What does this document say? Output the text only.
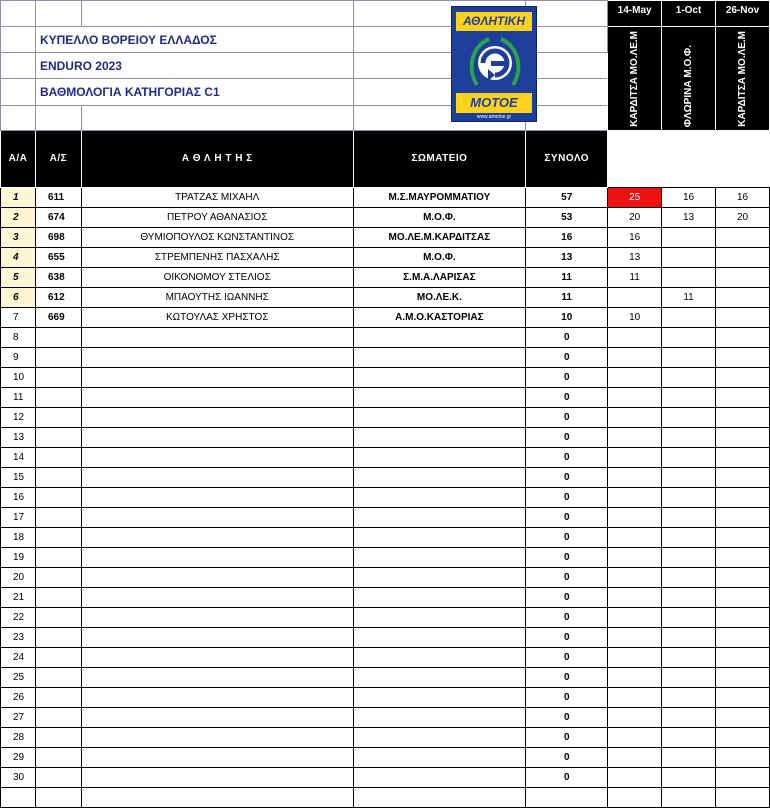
					14-May	1-Oct	26-Nov
	ΚΥΠΕΛΛΟ ΒΟΡΕΙΟΥ ΕΛΛΑΔΟΣ				ΚΑΡΔΙΤΣΑ ΜΟ.ΛΕ.Μ	ΦΛΩΡΙΝΑ Μ.Ο.Φ.	ΚΑΡΔΙΤΣΑ ΜΟ.ΛΕ.Μ
	ENDURO 2023						
	ΒΑΘΜΟΛΟΓΙΑ ΚΑΤΗΓΟΡΙΑΣ C1						

Α/Α	Α/Σ	Α Θ Λ Η Τ Η Σ	ΣΩΜΑΤΕΙΟ	ΣΥΝΟΛΟ			
1	611	ΤΡΑΤΖΑΣ ΜΙΧΑΗΛ	Μ.Σ.ΜΑΥΡΟΜΜΑΤΙΟΥ	57	25	16	16
2	674	ΠΕΤΡΟΥ ΑΘΑΝΑΣΙΟΣ	Μ.Ο.Φ.	53	20	13	20
3	698	ΘΥΜΙΟΠΟΥΛΟΣ ΚΩΝΣΤΑΝΤΙΝΟΣ	ΜΟ.ΛΕ.Μ.ΚΑΡΔΙΤΣΑΣ	16	16		
4	655	ΣΤΡΕΜΠΕΝΗΣ ΠΑΣΧΑΛΗΣ	Μ.Ο.Φ.	13	13		
5	638	ΟΙΚΟΝΟΜΟΥ ΣΤΕΛΙΟΣ	Σ.Μ.Α.ΛΑΡΙΣΑΣ	11	11		
6	612	ΜΠΑΟΥΤΗΣ ΙΩΑΝΝΗΣ	ΜΟ.ΛΕ.Κ.	11		11	
7	669	ΚΩΤΟΥΛΑΣ ΧΡΗΣΤΟΣ	Α.Μ.Ο.ΚΑΣΤΟΡΙΑΣ	10	10		
8				0			
9				0			
10				0			
11				0			
12				0			
13				0			
14				0			
15				0			
16				0			
17				0			
18				0			
19				0			
20				0			
21				0			
22				0			
23				0			
24				0			
25				0			
26				0			
27				0			
28				0			
29				0			
30				0			

ΑΘΛΗΤΙΚΗ
ΜΟΤΟΕ
www.amotoe.gr
